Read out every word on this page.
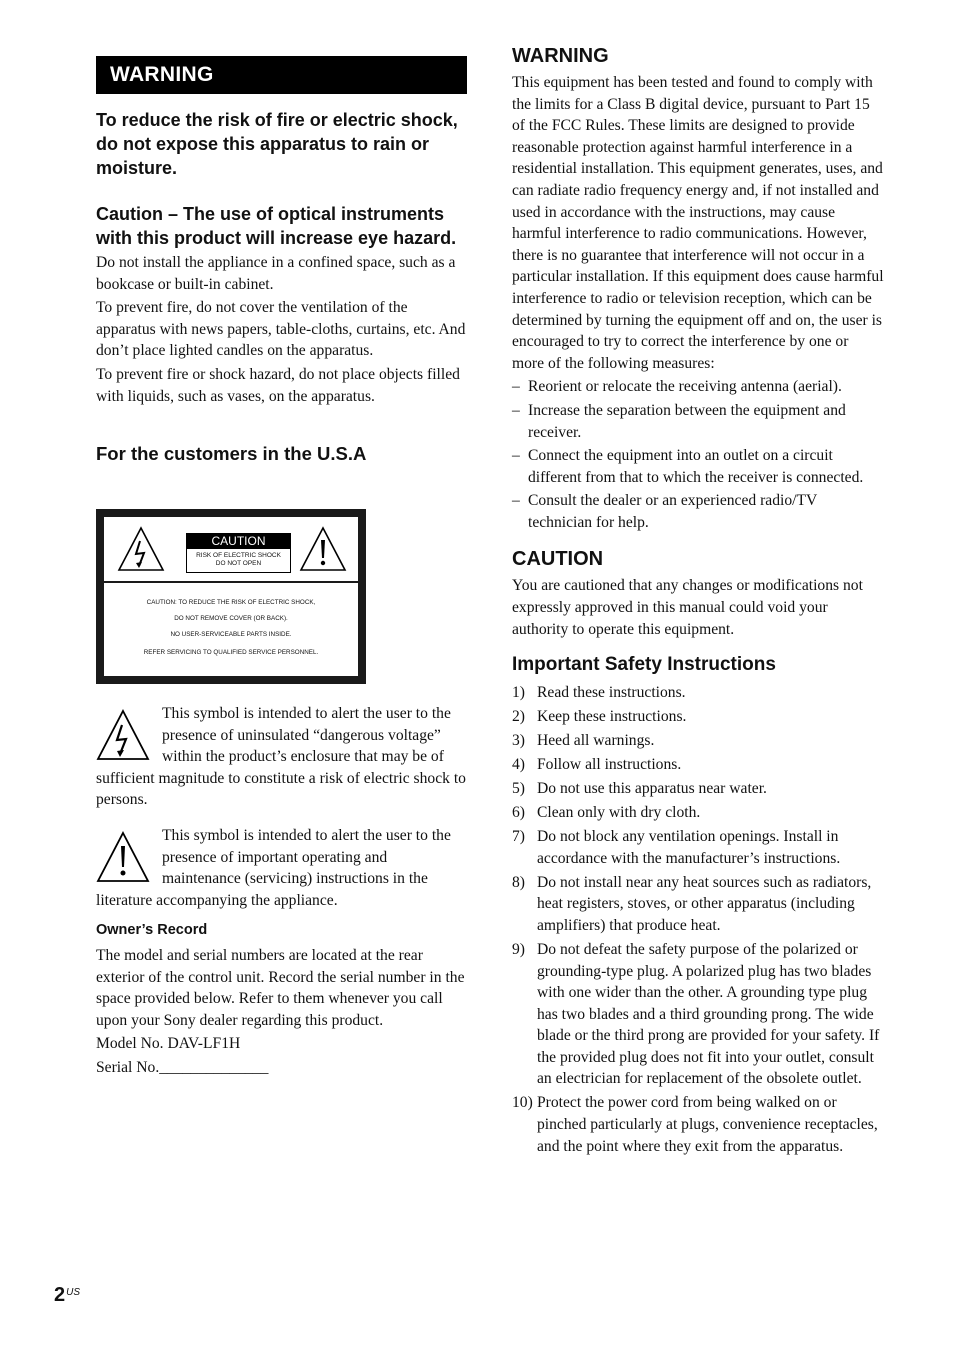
WARNING

To reduce the risk of fire or electric shock, do not expose this apparatus to rain or moisture.

Caution – The use of optical instruments with this product will increase eye hazard.

Do not install the appliance in a confined space, such as a bookcase or built-in cabinet.

To prevent fire, do not cover the ventilation of the apparatus with news papers, table-cloths, curtains, etc. And don’t place lighted candles on the apparatus.

To prevent fire or shock hazard, do not place objects filled with liquids, such as vases, on the apparatus.

For the customers in the U.S.A

CAUTION
RISK OF ELECTRIC SHOCK
DO NOT OPEN
CAUTION: TO REDUCE THE RISK OF ELECTRIC SHOCK,
DO NOT REMOVE COVER (OR BACK).
NO USER-SERVICEABLE PARTS INSIDE.
REFER SERVICING TO QUALIFIED SERVICE PERSONNEL.

This symbol is intended to alert the user to the presence of uninsulated “dangerous voltage” within the product’s enclosure that may be of sufficient magnitude to constitute a risk of electric shock to persons.

This symbol is intended to alert the user to the presence of important operating and maintenance (servicing) instructions in the literature accompanying the appliance.

Owner’s Record

The model and serial numbers are located at the rear exterior of the control unit. Record the serial number in the space provided below. Refer to them whenever you call upon your Sony dealer regarding this product.

Model No. DAV-LF1H

Serial No.______________

WARNING

This equipment has been tested and found to comply with the limits for a Class B digital device, pursuant to Part 15 of the FCC Rules. These limits are designed to provide reasonable protection against harmful interference in a residential installation. This equipment generates, uses, and can radiate radio frequency energy and, if not installed and used in accordance with the instructions, may cause harmful interference to radio communications. However, there is no guarantee that interference will not occur in a particular installation. If this equipment does cause harmful interference to radio or television reception, which can be determined by turning the equipment off and on, the user is encouraged to try to correct the interference by one or more of the following measures:

– Reorient or relocate the receiving antenna (aerial).
– Increase the separation between the equipment and receiver.
– Connect the equipment into an outlet on a circuit different from that to which the receiver is connected.
– Consult the dealer or an experienced radio/TV technician for help.

CAUTION

You are cautioned that any changes or modifications not expressly approved in this manual could void your authority to operate this equipment.

Important Safety Instructions

1) Read these instructions.
2) Keep these instructions.
3) Heed all warnings.
4) Follow all instructions.
5) Do not use this apparatus near water.
6) Clean only with dry cloth.
7) Do not block any ventilation openings. Install in accordance with the manufacturer’s instructions.
8) Do not install near any heat sources such as radiators, heat registers, stoves, or other apparatus (including amplifiers) that produce heat.
9) Do not defeat the safety purpose of the polarized or grounding-type plug. A polarized plug has two blades with one wider than the other. A grounding type plug has two blades and a third grounding prong. The wide blade or the third prong are provided for your safety. If the provided plug does not fit into your outlet, consult an electrician for replacement of the obsolete outlet.
10) Protect the power cord from being walked on or pinched particularly at plugs, convenience receptacles, and the point where they exit from the apparatus.
$2^{US}$
